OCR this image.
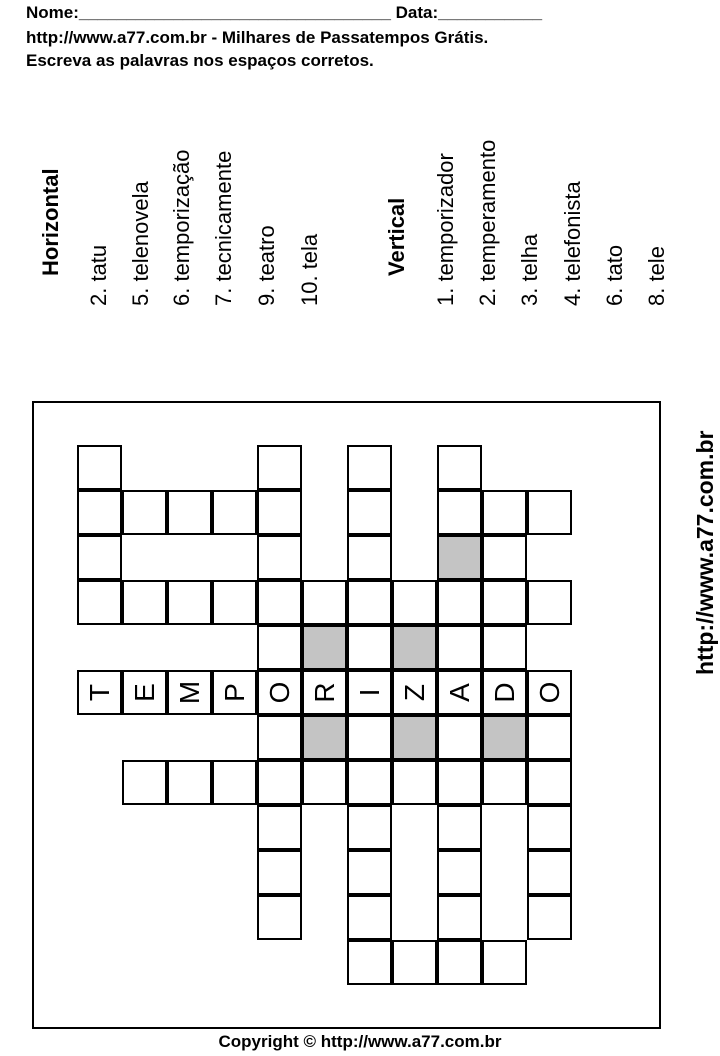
Nome:_________________________________ Data:___________
http://www.a77.com.br - Milhares de Passatempos Grátis.
Escreva as palavras nos espaços corretos.
Horizontal 2. tatu 5. telenovela 6. temporização 7. tecnicamente 9. teatro 10. tela	Vertical 1. temporizador 2. temperamento 3. telha 4. telefonista 6. tato 8. tele
T E M P O R I Z A D O
http://www.a77.com.br
Copyright © http://www.a77.com.br
